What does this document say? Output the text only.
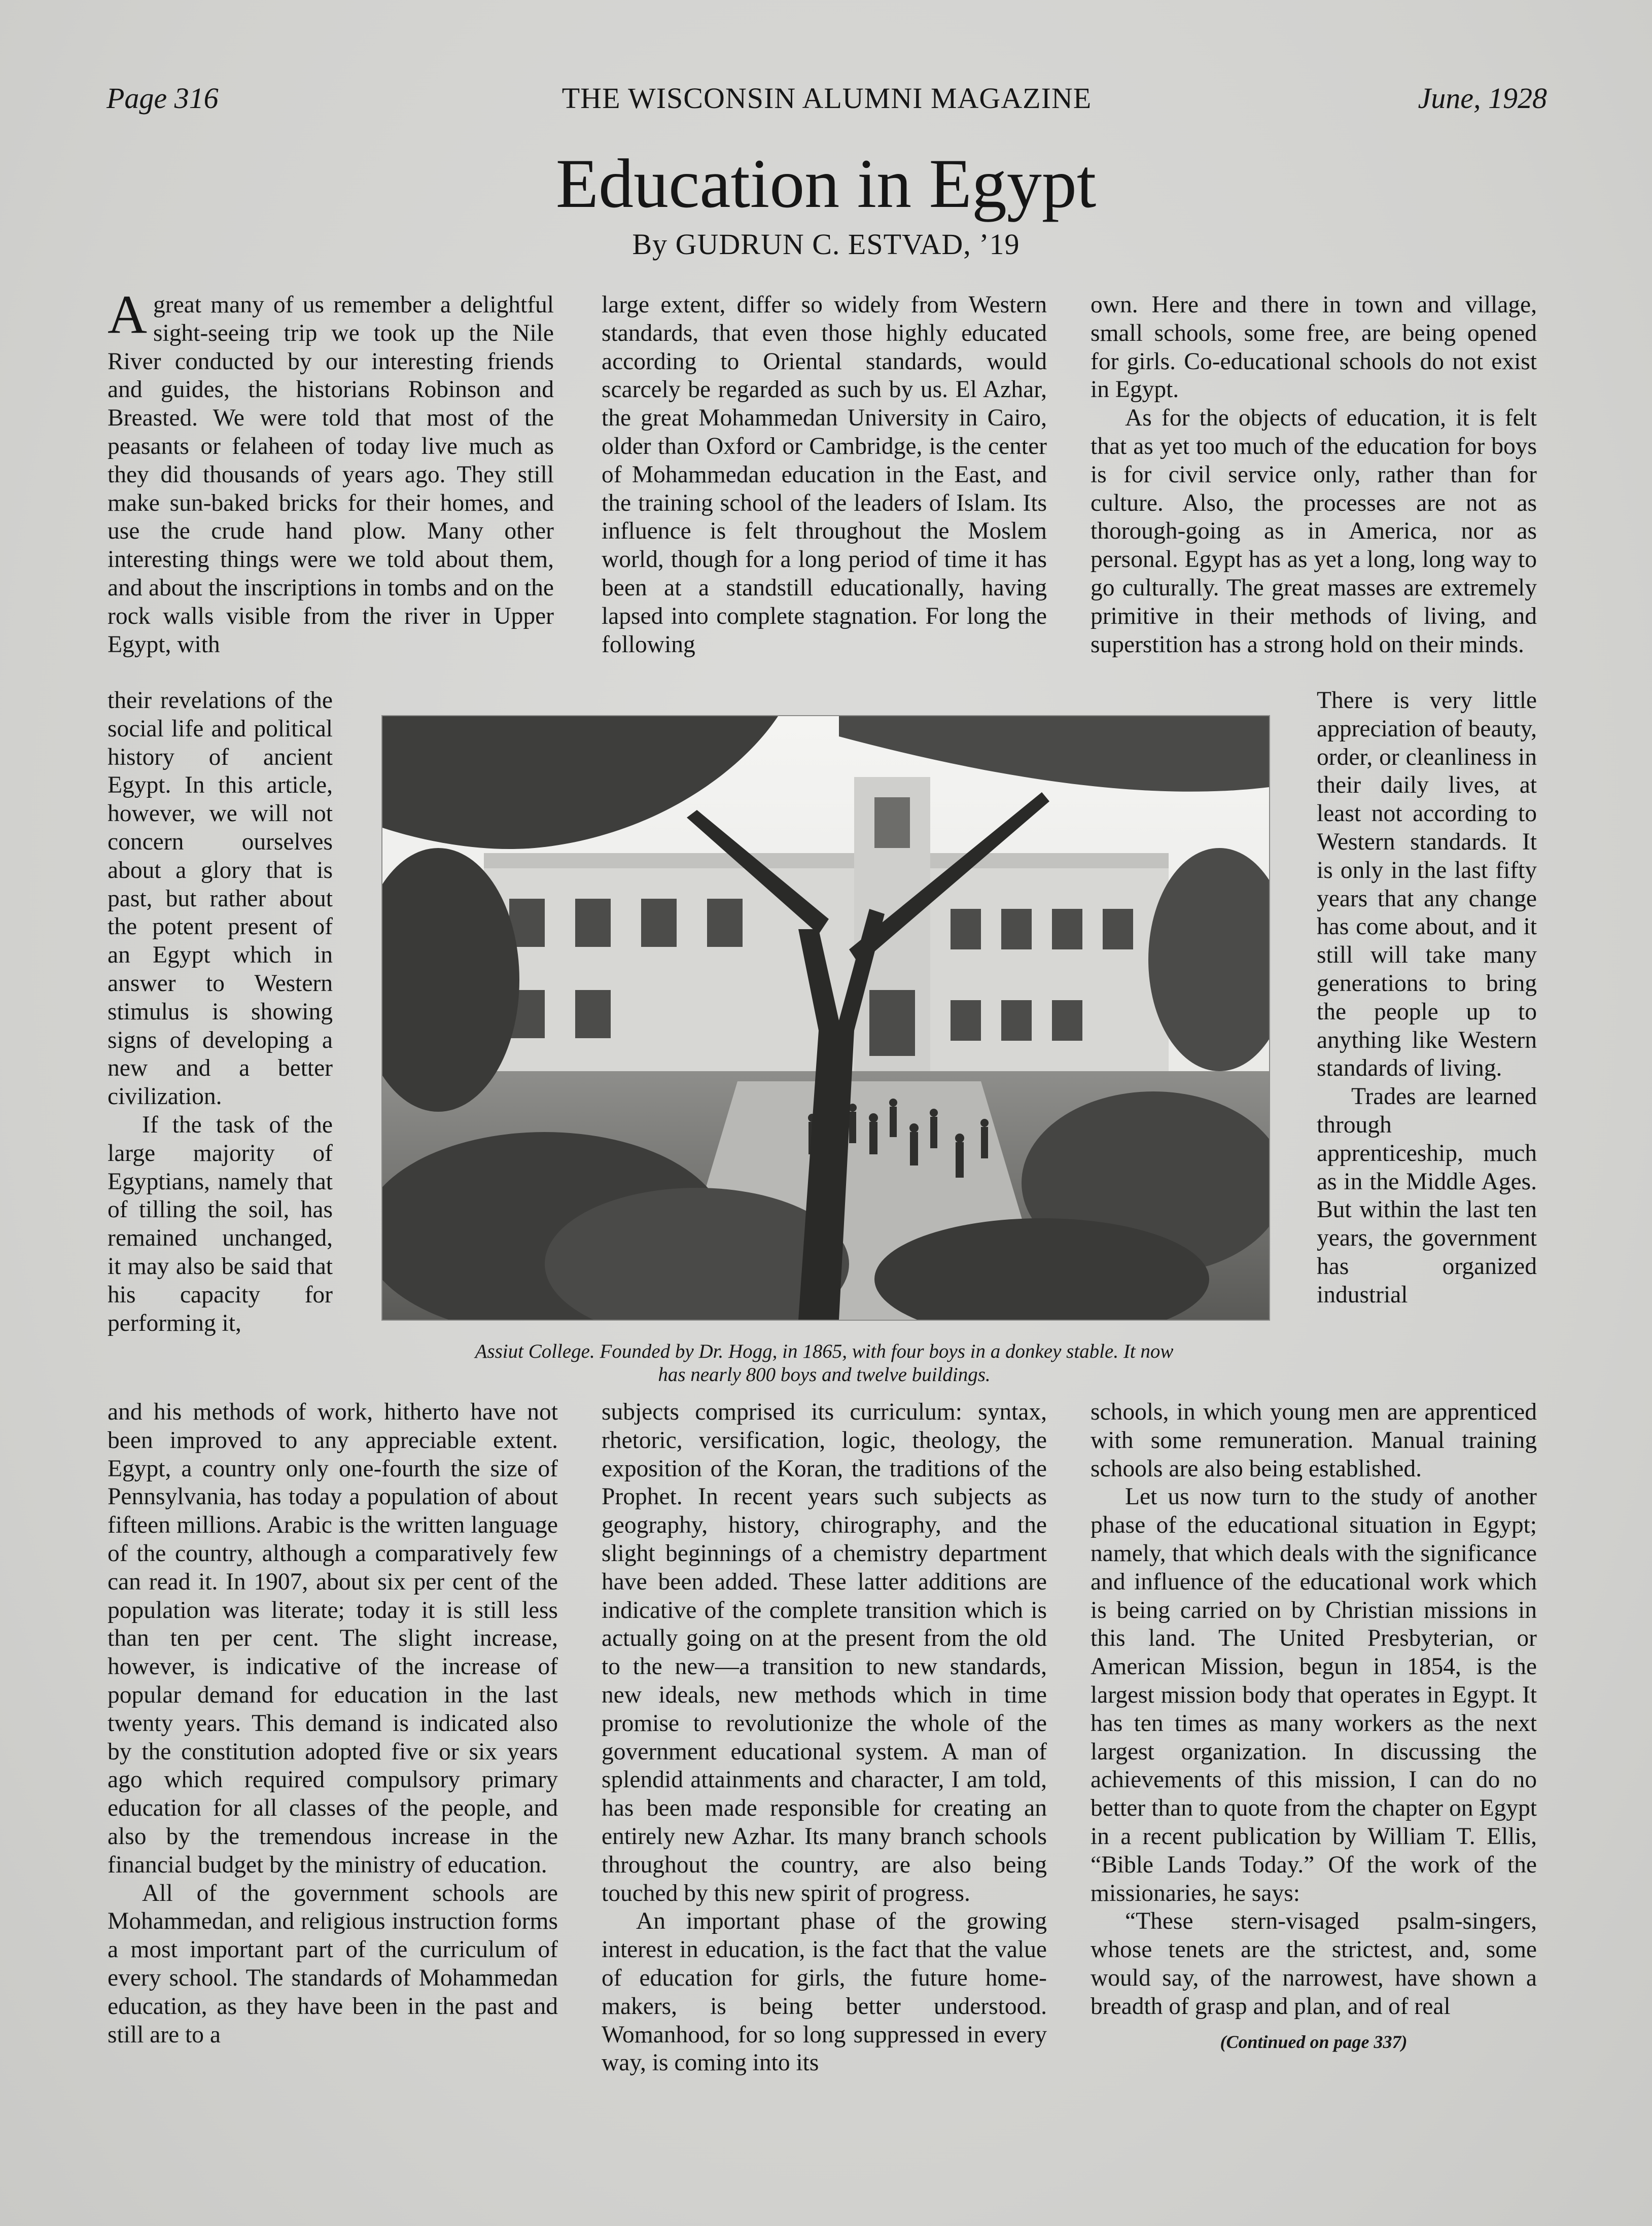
Page 316	THE WISCONSIN ALUMNI MAGAZINE	June, 1928
Education in Egypt
By GUDRUN C. ESTVAD, ’19

Agreat many of us remember a delightful sight-seeing trip we took up the Nile River conducted by our interesting friends and guides, the historians Robinson and Breasted. We were told that most of the peasants or felaheen of today live much as they did thousands of years ago. They still make sun-baked bricks for their homes, and use the crude hand plow. Many other interesting things were we told about them, and about the inscriptions in tombs and on the rock walls visible from the river in Upper Egypt, with

their revelations of the social life and political history of ancient Egypt. In this article, however, we will not concern ourselves about a glory that is past, but rather about the potent present of an Egypt which in answer to Western stimulus is showing signs of developing a new and a better civilization.

If the task of the large majority of Egyptians, namely that of tilling the soil, has remained unchanged, it may also be said that his capacity for performing it,

and his methods of work, hitherto have not been improved to any appreciable extent. Egypt, a country only one-fourth the size of Pennsylvania, has today a population of about fifteen millions. Arabic is the written language of the country, although a comparatively few can read it. In 1907, about six per cent of the population was literate; today it is still less than ten per cent. The slight increase, however, is indicative of the increase of popular demand for education in the last twenty years. This demand is indicated also by the constitution adopted five or six years ago which required compulsory primary education for all classes of the people, and also by the tremendous increase in the financial budget by the ministry of education.

All of the government schools are Mohammedan, and religious instruction forms a most important part of the curriculum of every school. The standards of Mohammedan education, as they have been in the past and still are to a

large extent, differ so widely from Western standards, that even those highly educated according to Oriental standards, would scarcely be regarded as such by us. El Azhar, the great Mohammedan University in Cairo, older than Oxford or Cambridge, is the center of Mohammedan education in the East, and the training school of the leaders of Islam. Its influence is felt throughout the Moslem world, though for a long period of time it has been at a standstill educationally, having lapsed into complete stagnation. For long the following

subjects comprised its curriculum: syntax, rhetoric, versification, logic, theology, the exposition of the Koran, the traditions of the Prophet. In recent years such subjects as geography, history, chirography, and the slight beginnings of a chemistry department have been added. These latter additions are indicative of the complete transition which is actually going on at the present from the old to the new—a transition to new standards, new ideals, new methods which in time promise to revolutionize the whole of the government educational system. A man of splendid attainments and character, I am told, has been made responsible for creating an entirely new Azhar. Its many branch schools throughout the country, are also being touched by this new spirit of progress.

An important phase of the growing interest in education, is the fact that the value of education for girls, the future home-makers, is being better understood. Womanhood, for so long suppressed in every way, is coming into its

own. Here and there in town and village, small schools, some free, are being opened for girls. Co-educational schools do not exist in Egypt.

As for the objects of education, it is felt that as yet too much of the education for boys is for civil service only, rather than for culture. Also, the processes are not as thorough-going as in America, nor as personal. Egypt has as yet a long, long way to go culturally. The great masses are extremely primitive in their methods of living, and superstition has a strong hold on their minds.

There is very little appreciation of beauty, order, or cleanliness in their daily lives, at least not according to Western standards. It is only in the last fifty years that any change has come about, and it still will take many generations to bring the people up to anything like Western standards of living.

Trades are learned through apprenticeship, much as in the Middle Ages. But within the last ten years, the government has organized industrial

schools, in which young men are apprenticed with some remuneration. Manual training schools are also being established.

Let us now turn to the study of another phase of the educational situation in Egypt; namely, that which deals with the significance and influence of the educational work which is being carried on by Christian missions in this land. The United Presbyterian, or American Mission, begun in 1854, is the largest mission body that operates in Egypt. It has ten times as many workers as the next largest organization. In discussing the achievements of this mission, I can do no better than to quote from the chapter on Egypt in a recent publication by William T. Ellis, “Bible Lands Today.” Of the work of the missionaries, he says:

“These stern-visaged psalm-singers, whose tenets are the strictest, and, some would say, of the narrowest, have shown a breadth of grasp and plan, and of real

(Continued on page 337)
Assiut College. Founded by Dr. Hogg, in 1865, with four boys in a donkey stable. It now
has nearly 800 boys and twelve buildings.
